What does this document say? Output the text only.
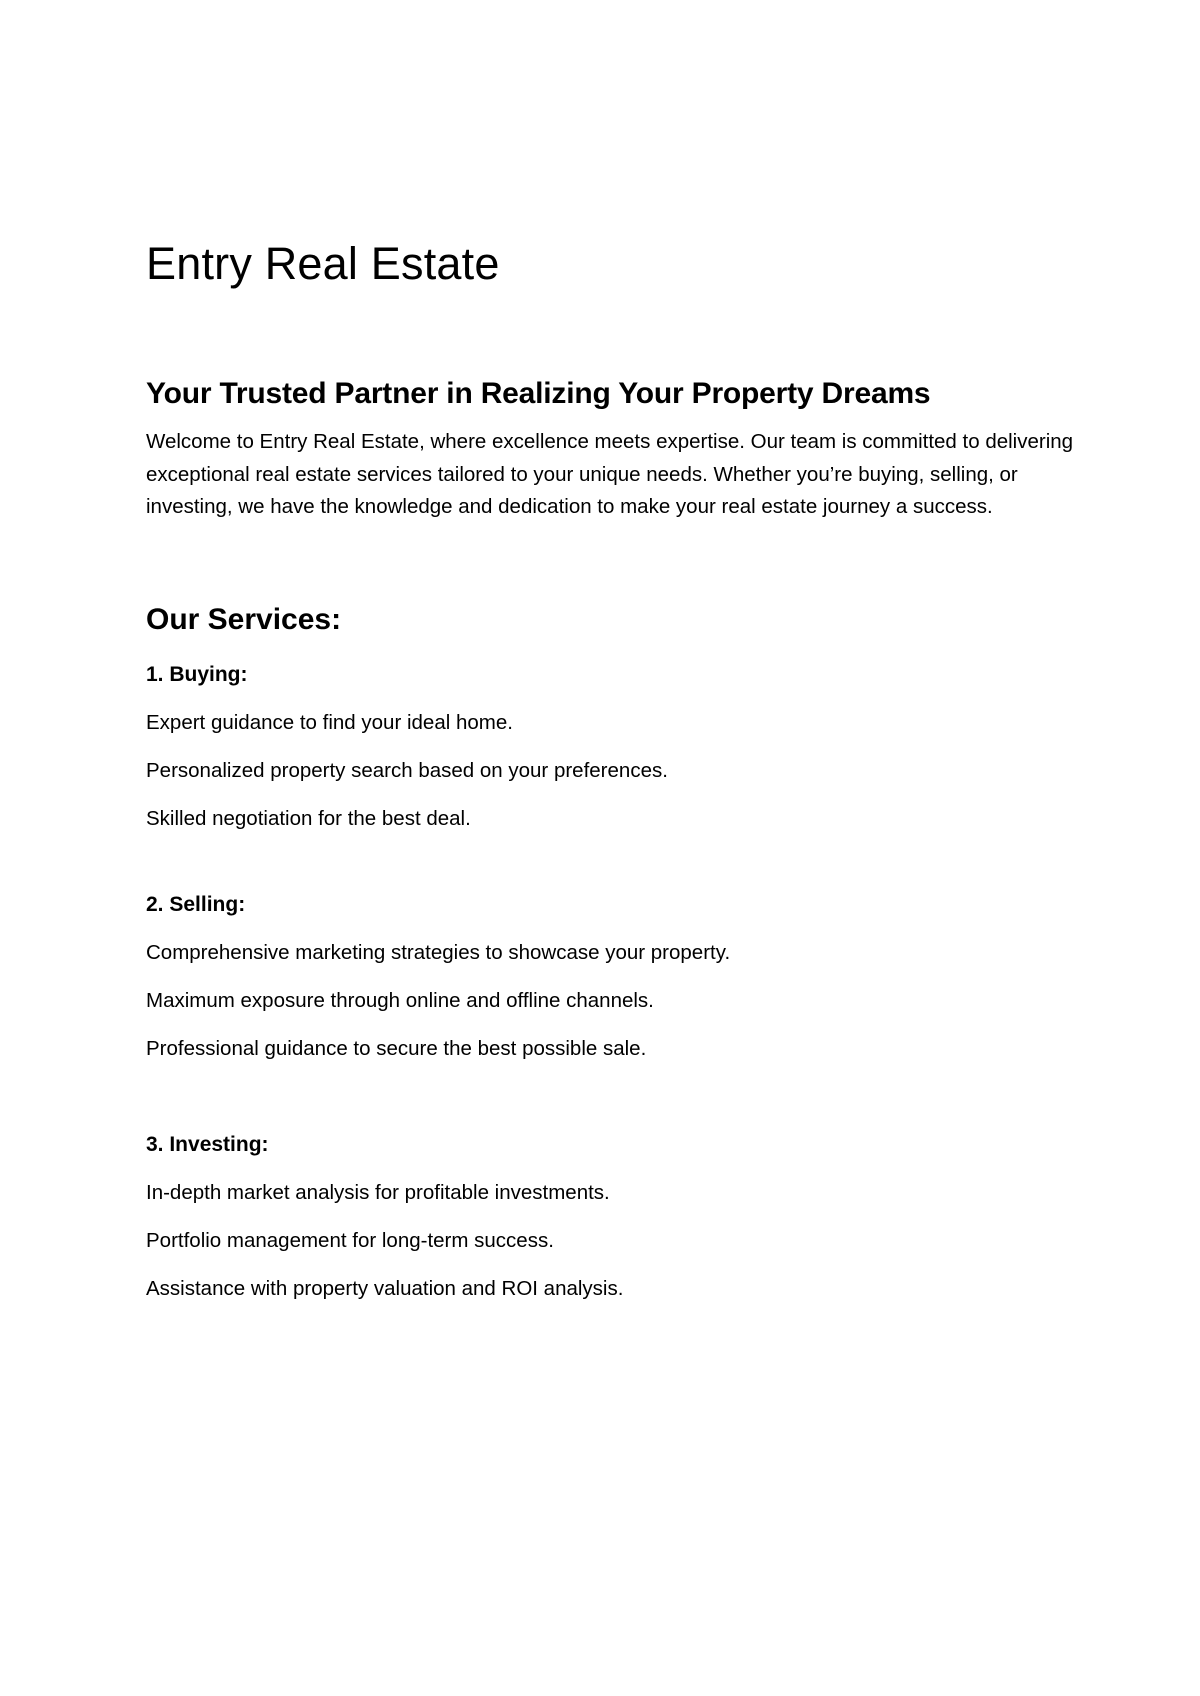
Entry Real Estate
Your Trusted Partner in Realizing Your Property Dreams

Welcome to Entry Real Estate, where excellence meets expertise. Our team is committed to delivering exceptional real estate services tailored to your unique needs. Whether you’re buying, selling, or investing, we have the knowledge and dedication to make your real estate journey a success.

Our Services:
1. Buying:

Expert guidance to find your ideal home.

Personalized property search based on your preferences.

Skilled negotiation for the best deal.

2. Selling:

Comprehensive marketing strategies to showcase your property.

Maximum exposure through online and offline channels.

Professional guidance to secure the best possible sale.

3. Investing:

In-depth market analysis for profitable investments.

Portfolio management for long-term success.

Assistance with property valuation and ROI analysis.
